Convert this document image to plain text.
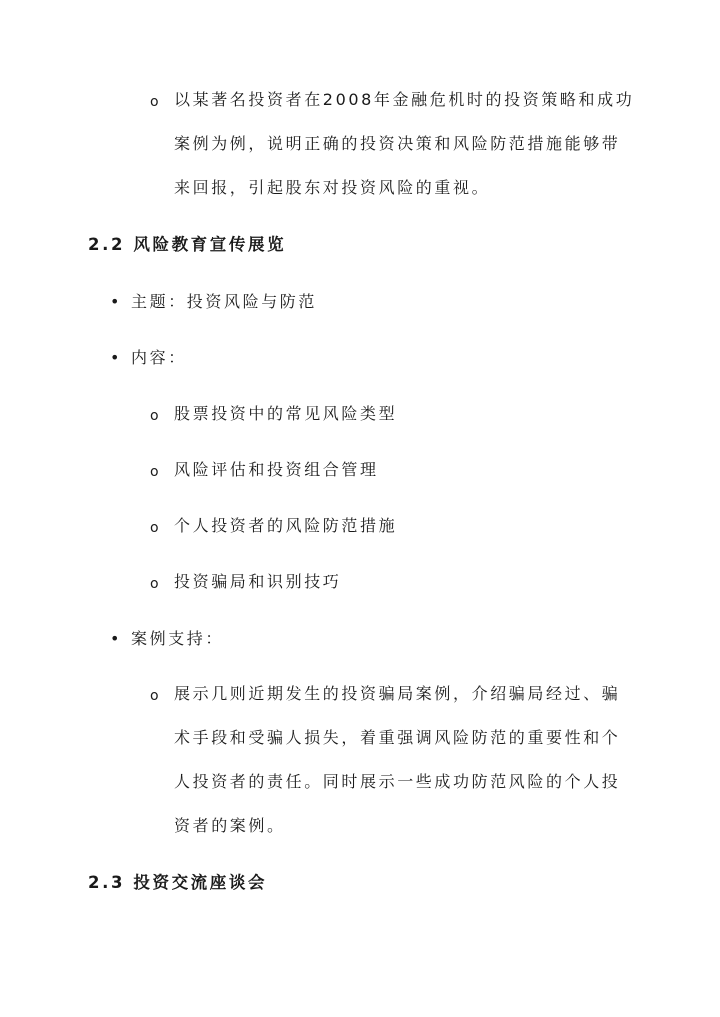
o 以某著名投资者在2008年金融危机时的投资策略和成功
案例为例，说明正确的投资决策和风险防范措施能够带
来回报，引起股东对投资风险的重视。
2.2 风险教育宣传展览
• 主题：投资风险与防范
• 内容：
o 股票投资中的常见风险类型
o 风险评估和投资组合管理
o 个人投资者的风险防范措施
o 投资骗局和识别技巧
• 案例支持：
o 展示几则近期发生的投资骗局案例，介绍骗局经过、骗
术手段和受骗人损失，着重强调风险防范的重要性和个
人投资者的责任。同时展示一些成功防范风险的个人投
资者的案例。
2.3 投资交流座谈会
